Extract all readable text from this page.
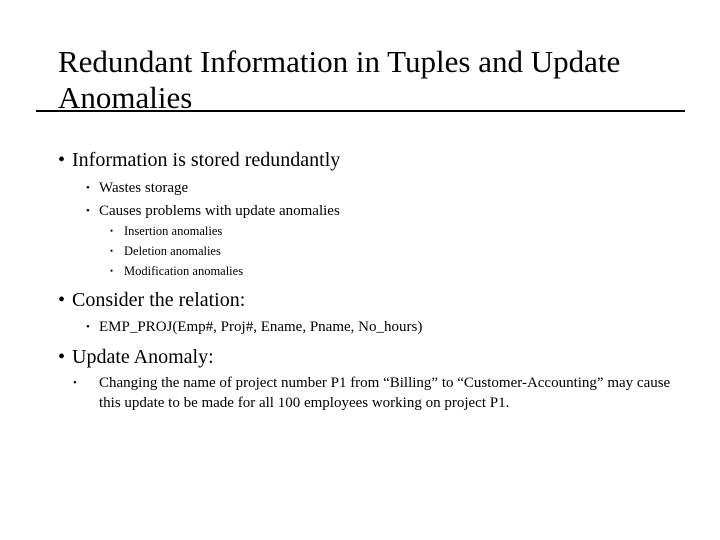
Redundant Information in Tuples and Update Anomalies
• Information is stored redundantly
• Wastes storage
• Causes problems with update anomalies
• Insertion anomalies
• Deletion anomalies
• Modification anomalies
• Consider the relation:
• EMP_PROJ(Emp#, Proj#, Ename, Pname, No_hours)
• Update Anomaly:
• Changing the name of project number P1 from “Billing” to “Customer-Accounting” may cause this update to be made for all 100 employees working on project P1.
